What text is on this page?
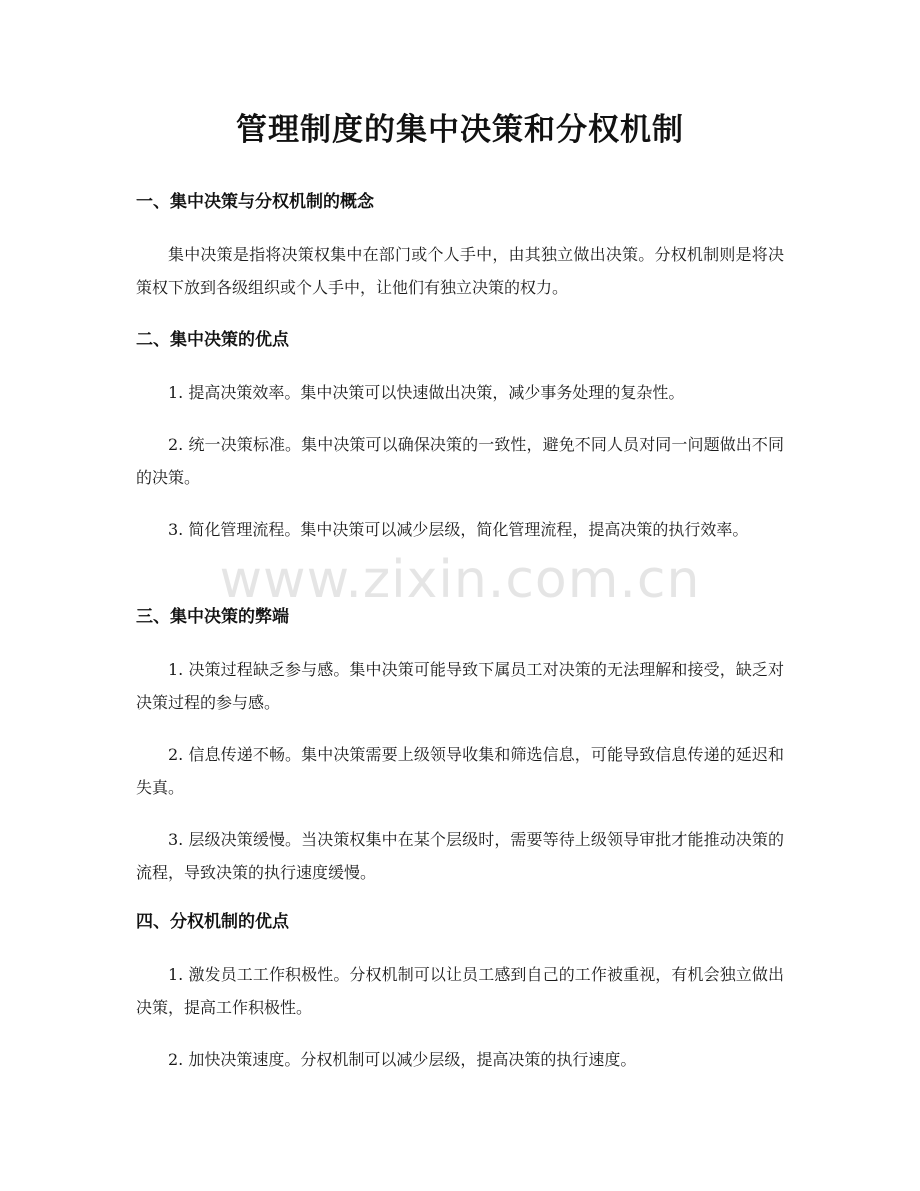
管理制度的集中决策和分权机制

一、集中决策与分权机制的概念

集中决策是指将决策权集中在部门或个人手中，由其独立做出决策。分权机制则是将决策权下放到各级组织或个人手中，让他们有独立决策的权力。

二、集中决策的优点

1. 提高决策效率。集中决策可以快速做出决策，减少事务处理的复杂性。

2. 统一决策标准。集中决策可以确保决策的一致性，避免不同人员对同一问题做出不同的决策。

3. 简化管理流程。集中决策可以减少层级，简化管理流程，提高决策的执行效率。

三、集中决策的弊端

1. 决策过程缺乏参与感。集中决策可能导致下属员工对决策的无法理解和接受，缺乏对决策过程的参与感。

2. 信息传递不畅。集中决策需要上级领导收集和筛选信息，可能导致信息传递的延迟和失真。

3. 层级决策缓慢。当决策权集中在某个层级时，需要等待上级领导审批才能推动决策的流程，导致决策的执行速度缓慢。

四、分权机制的优点

1. 激发员工工作积极性。分权机制可以让员工感到自己的工作被重视，有机会独立做出决策，提高工作积极性。

2. 加快决策速度。分权机制可以减少层级，提高决策的执行速度。

www.zixin.com.cn
